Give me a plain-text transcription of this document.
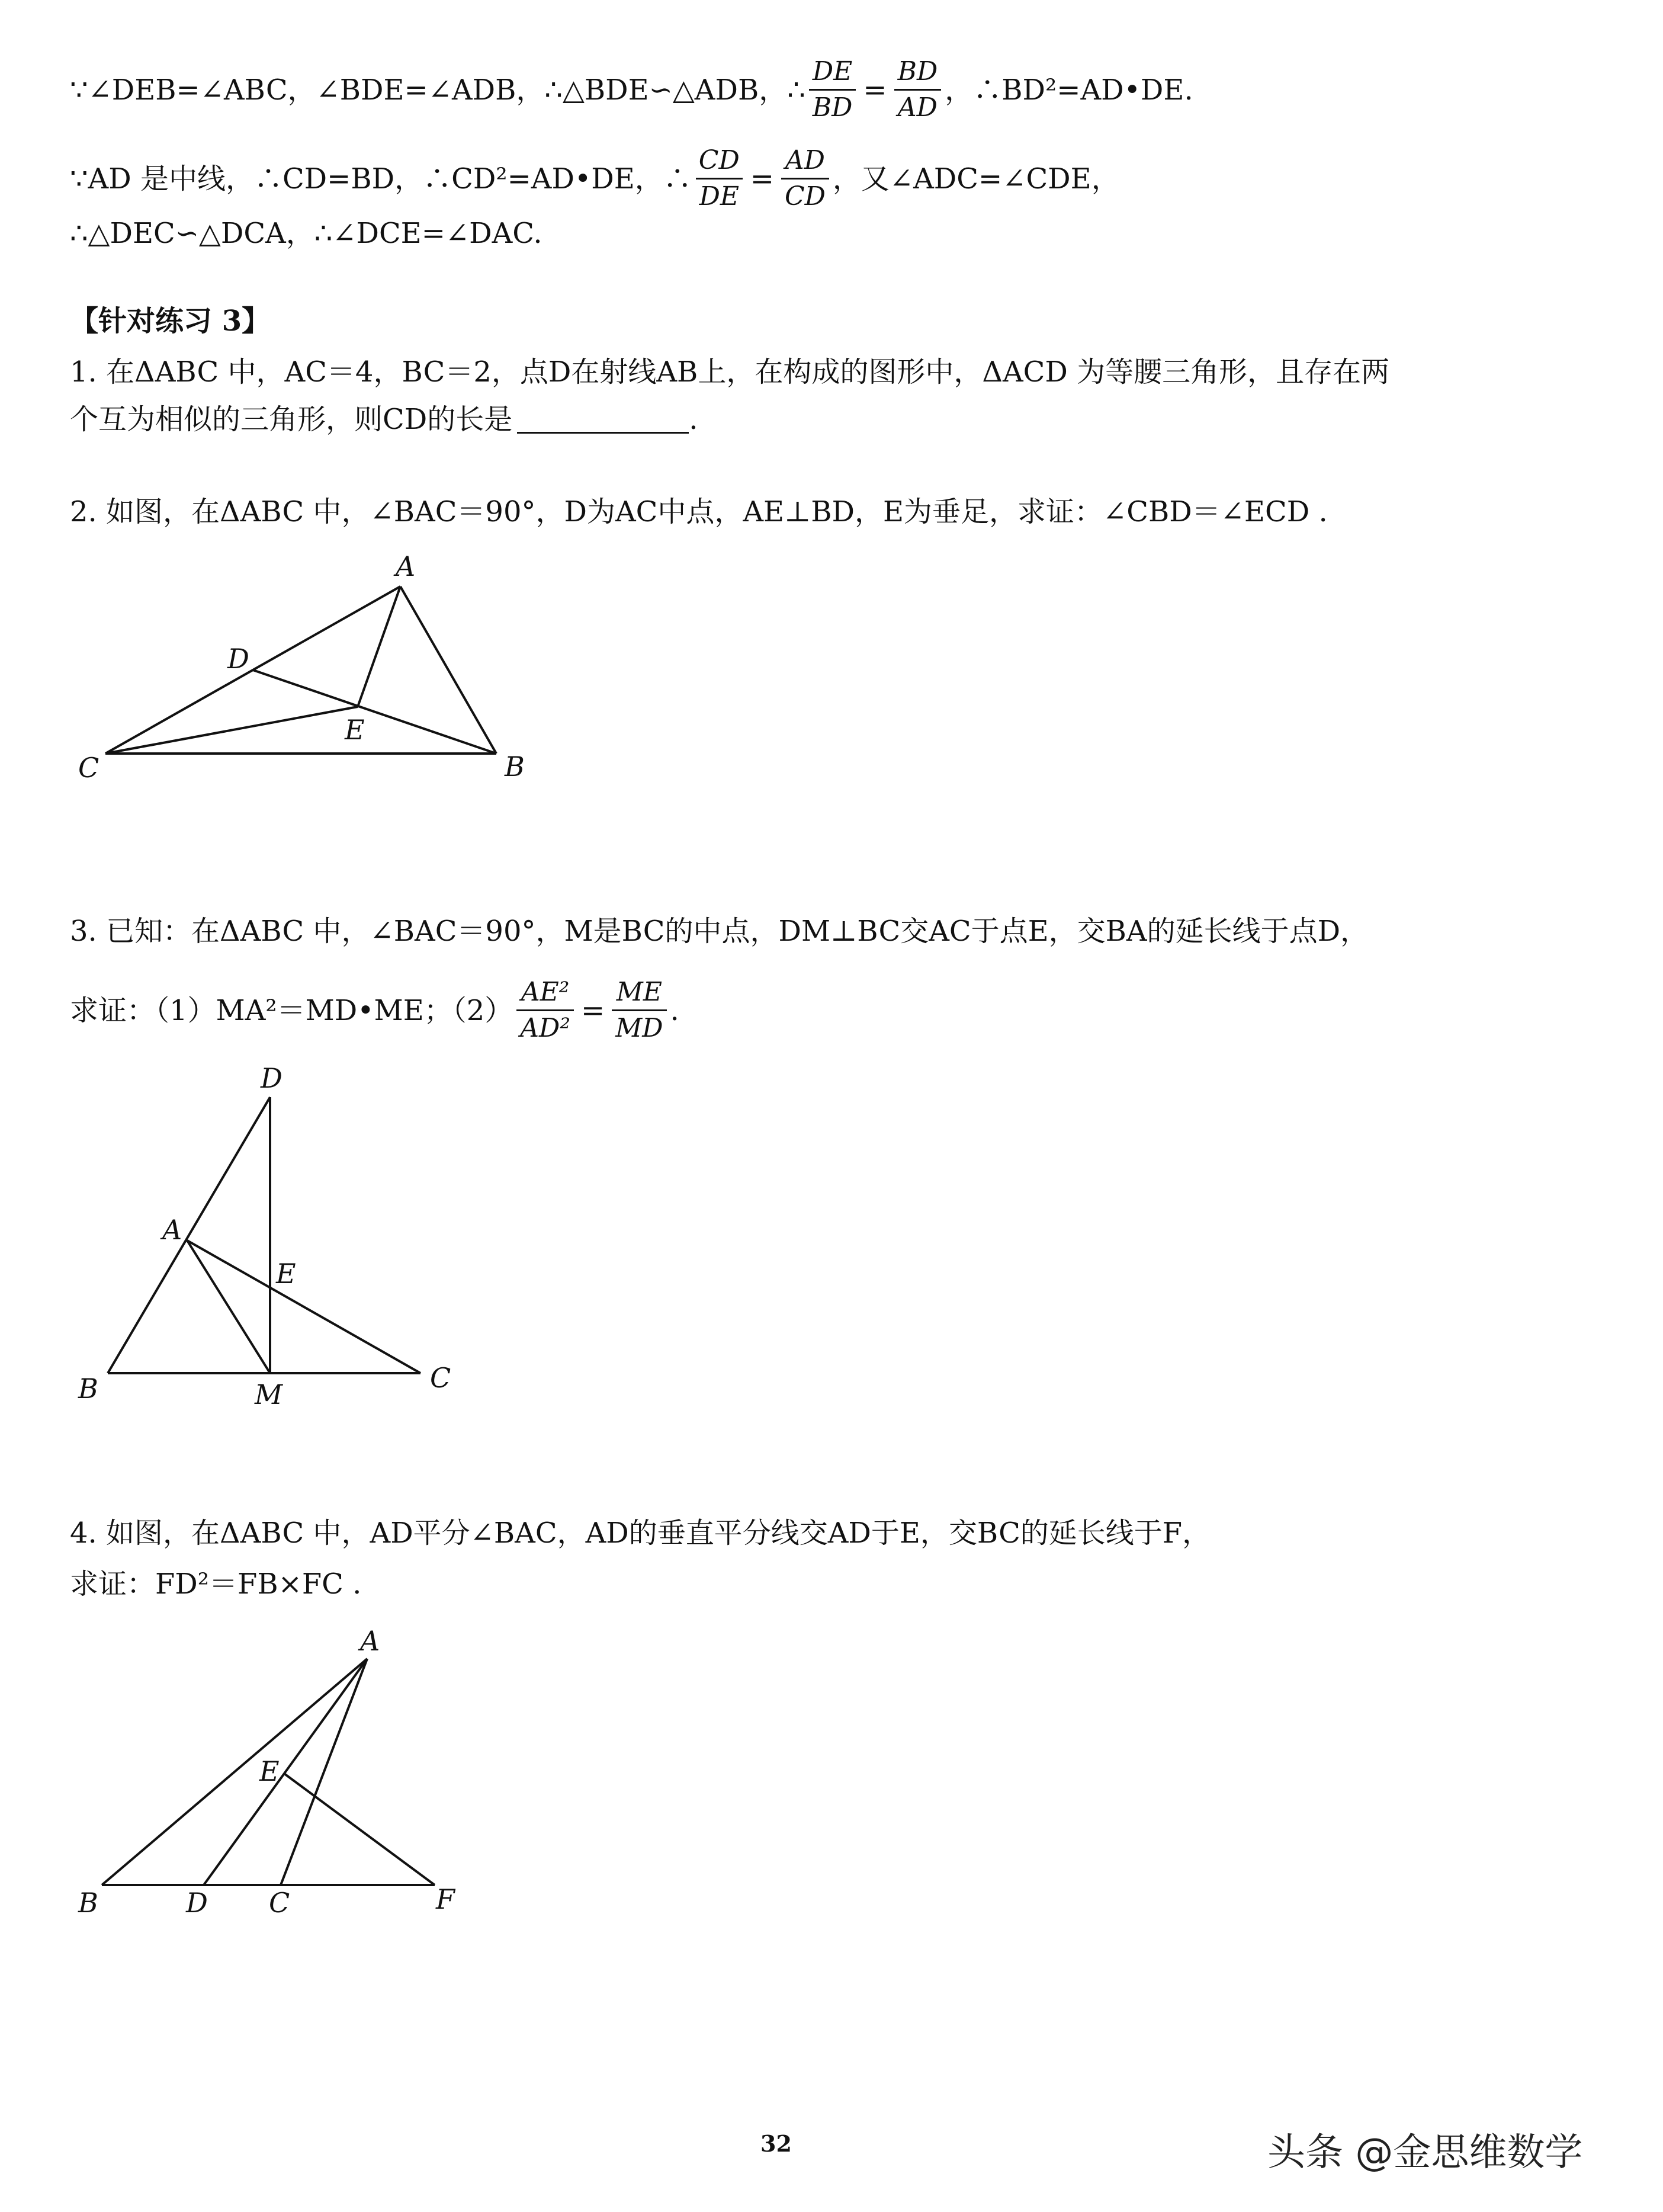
∵∠DEB=∠ABC，∠BDE=∠ADB，∴△BDE∽△ADB，∴ $\frac{DE}{BD} = \frac{BD}{AD}$ ，∴BD²=AD•DE.
∵AD 是中线，∴CD=BD，∴CD²=AD•DE，∴ $\frac{CD}{DE} = \frac{AD}{CD}$ ，又∠ADC=∠CDE，
∴△DEC∽△DCA，∴∠DCE=∠DAC.
【针对练习 3】
1. 在ΔABC 中，AC＝4，BC＝2，点D在射线AB上，在构成的图形中，ΔACD 为等腰三角形，且存在两
个互为相似的三角形，则CD的长是	.
2. 如图，在ΔABC 中，∠BAC＝90°，D为AC中点，AE⊥BD，E为垂足，求证：∠CBD＝∠ECD .
A
B
C
D
E
3. 已知：在ΔABC 中，∠BAC＝90°，M是BC的中点，DM⊥BC交AC于点E，交BA的延长线于点D，
求证：（1）MA²＝MD•ME；$(2) \frac{\text{AE²}}{\text{AD²}} = \frac{ME}{MD}$ .
D
A
E
B	M
C
4. 如图，在ΔABC 中，AD平分∠BAC，AD的垂直平分线交AD于E，交BC的延长线于F，
求证：FD²＝FB×FC .
A
E
B	D C	F
32	头条 @金思维数学
